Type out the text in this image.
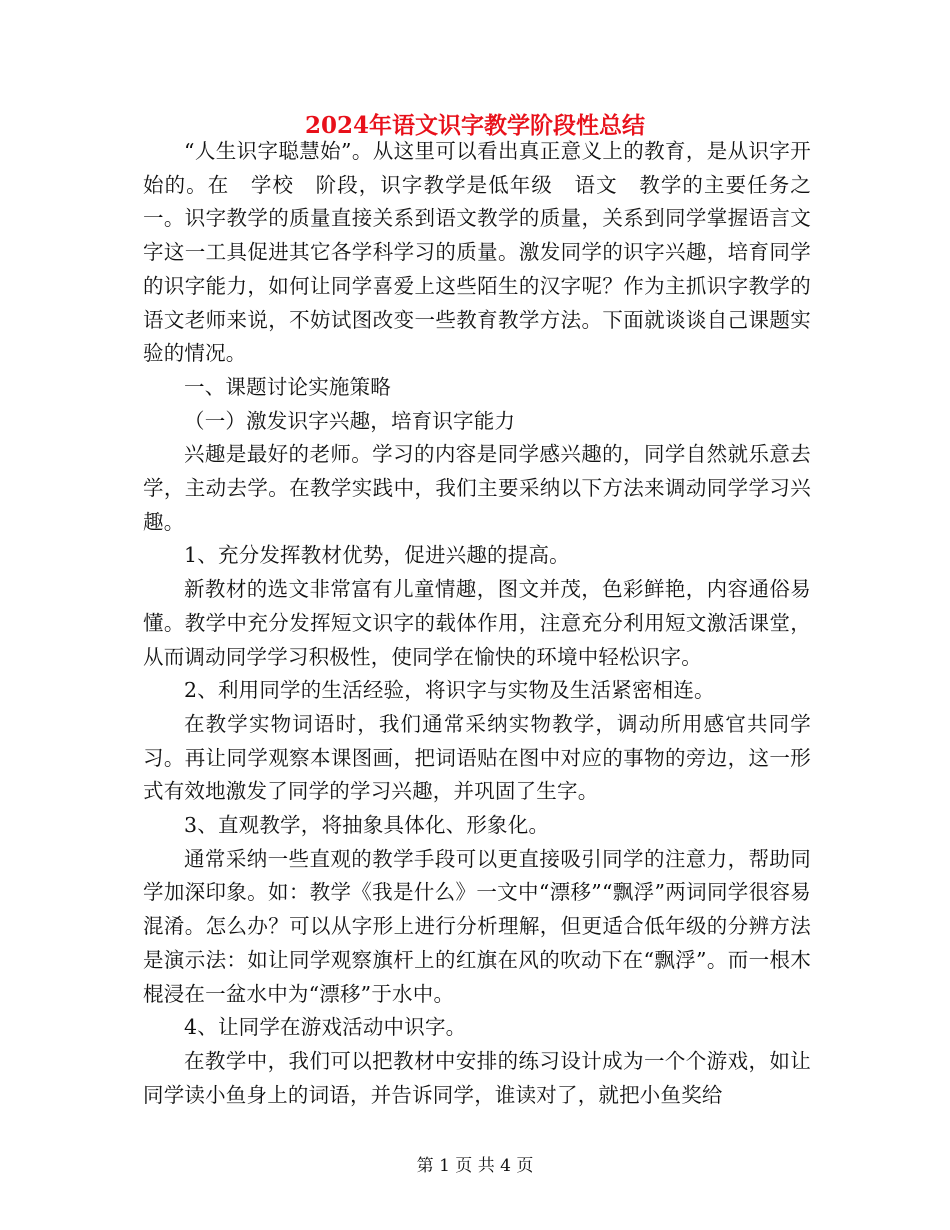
2024年语文识字教学阶段性总结

“人生识字聪慧始”。从这里可以看出真正意义上的教育，是从识字开始的。在　学校　阶段，识字教学是低年级　语文　教学的主要任务之一。识字教学的质量直接关系到语文教学的质量，关系到同学掌握语言文字这一工具促进其它各学科学习的质量。激发同学的识字兴趣，培育同学的识字能力，如何让同学喜爱上这些陌生的汉字呢？作为主抓识字教学的语文老师来说，不妨试图改变一些教育教学方法。下面就谈谈自己课题实验的情况。

一、课题讨论实施策略

（一）激发识字兴趣，培育识字能力

兴趣是最好的老师。学习的内容是同学感兴趣的，同学自然就乐意去学，主动去学。在教学实践中，我们主要采纳以下方法来调动同学学习兴趣。

1、充分发挥教材优势，促进兴趣的提高。

新教材的选文非常富有儿童情趣，图文并茂，色彩鲜艳，内容通俗易懂。教学中充分发挥短文识字的载体作用，注意充分利用短文激活课堂，从而调动同学学习积极性，使同学在愉快的环境中轻松识字。

2、利用同学的生活经验，将识字与实物及生活紧密相连。

在教学实物词语时，我们通常采纳实物教学，调动所用感官共同学习。再让同学观察本课图画，把词语贴在图中对应的事物的旁边，这一形式有效地激发了同学的学习兴趣，并巩固了生字。

3、直观教学，将抽象具体化、形象化。

通常采纳一些直观的教学手段可以更直接吸引同学的注意力，帮助同学加深印象。如：教学《我是什么》一文中“漂移”“飘浮”两词同学很容易混淆。怎么办？可以从字形上进行分析理解，但更适合低年级的分辨方法是演示法：如让同学观察旗杆上的红旗在风的吹动下在“飘浮”。而一根木棍浸在一盆水中为“漂移”于水中。

4、让同学在游戏活动中识字。

在教学中，我们可以把教材中安排的练习设计成为一个个游戏，如让同学读小鱼身上的词语，并告诉同学，谁读对了，就把小鱼奖给

第 1 页 共 4 页
